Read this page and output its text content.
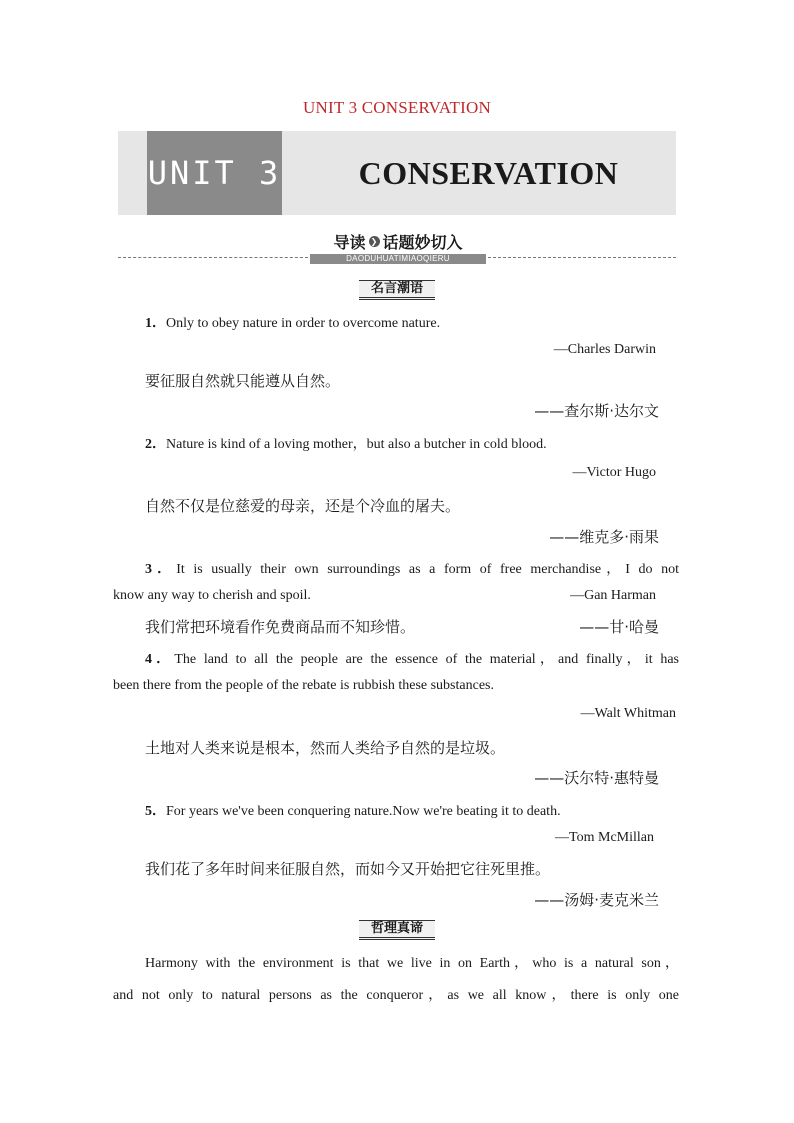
UNIT 3 CONSERVATION
UNIT 3	CONSERVATION
导读 ❯ 话题妙切入
DAODUHUATIMIAOQIERU
名言潮语
1．Only to obey nature in order to overcome nature.
—Charles Darwin
要征服自然就只能遵从自然。
——查尔斯·达尔文
2．Nature is kind of a loving mother，but also a butcher in cold blood.
—Victor Hugo
自然不仅是位慈爱的母亲，还是个冷血的屠夫。
——维克多·雨果
3．It is usually their own surroundings as a form of free merchandise，I do not
know any way to cherish and spoil.	—Gan Harman
我们常把环境看作免费商品而不知珍惜。	——甘·哈曼
4．The land to all the people are the essence of the material，and finally，it has
been there from the people of the rebate is rubbish these substances.
—Walt Whitman
土地对人类来说是根本，然而人类给予自然的是垃圾。
——沃尔特·惠特曼
5．For years we've been conquering nature.Now we're beating it to death.
—Tom McMillan
我们花了多年时间来征服自然，而如今又开始把它往死里推。
——汤姆·麦克米兰
哲理真谛
Harmony with the environment is that we live in on Earth，who is a natural son，
and not only to natural persons as the conqueror，as we all know，there is only one
